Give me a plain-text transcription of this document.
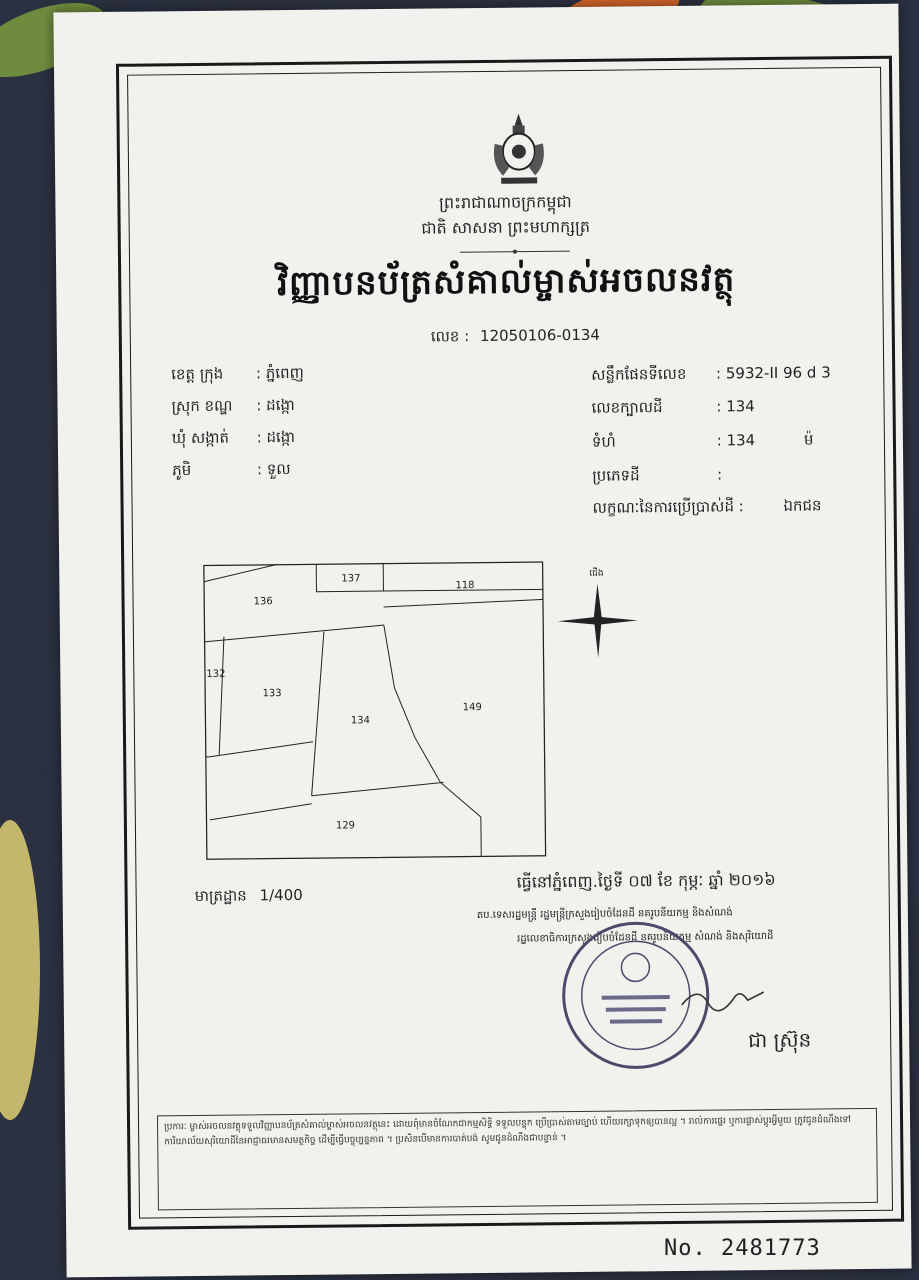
ព្រះរាជាណាចក្រកម្ពុជា
ជាតិ សាសនា ព្រះមហាក្សត្រ
វិញ្ញាបនប័ត្រសំគាល់ម្ចាស់អចលនវត្ថុ
លេខ : 12050106-0134
ខេត្ត ក្រុង : ភ្នំពេញ
ស្រុក ខណ្ឌ : ដង្កោ
ឃុំ សង្កាត់ : ដង្កោ
ភូមិ	: ទួល
សន្លឹកផែនទីលេខ : 5932-II 96 d 3
លេខក្បាលដី	: 134
ទំហំ	: 134	ម៉
ប្រភេទដី	:
លក្ខណៈនៃការប្រើប្រាស់ដី :	ឯកជន
136
137
118
132
133
134
149
129
ជើង
មាត្រដ្ឋាន 1/400
ធ្វើនៅភ្នំពេញ.ថ្ងៃទី ០៧ ខែ កុម្ភៈ ឆ្នាំ ២០១៦
តប.ទេសរដ្ឋមន្ត្រី រដ្ឋមន្ត្រីក្រសួងរៀបចំដែនដី នគរូបនីយកម្ម និងសំណង់
រដ្ឋលេខាធិការក្រសួងរៀបចំដែនដី នគរូបនីយកម្ម សំណង់ និងសុរិយោដី
ជា ស្រ៊ុន
ប្រការៈ ម្ចាស់អចលនវត្ថុទទួលវិញ្ញាបនប័ត្រសំគាល់ម្ចាស់អចលនវត្ថុនេះ ដោយពុំមានចំណែកជាកម្មសិទ្ធិ ទទួលបន្ទុក ប្រើប្រាស់តាមច្បាប់ ហើយរក្សាទុកឲ្យបានល្អ ។ រាល់ការផ្ទេរ ឬការផ្លាស់ប្តូរអ្វីមួយ ត្រូវជូនដំណឹងទៅការិយាល័យសុរិយោដីនៃអាជ្ញាធរមានសមត្ថកិច្ច ដើម្បីធ្វើបច្ចុប្បន្នភាព ។ ប្រសិនបើមានការបាត់បង់ សូមជូនដំណឹងជាបន្ទាន់ ។
No. 2481773
